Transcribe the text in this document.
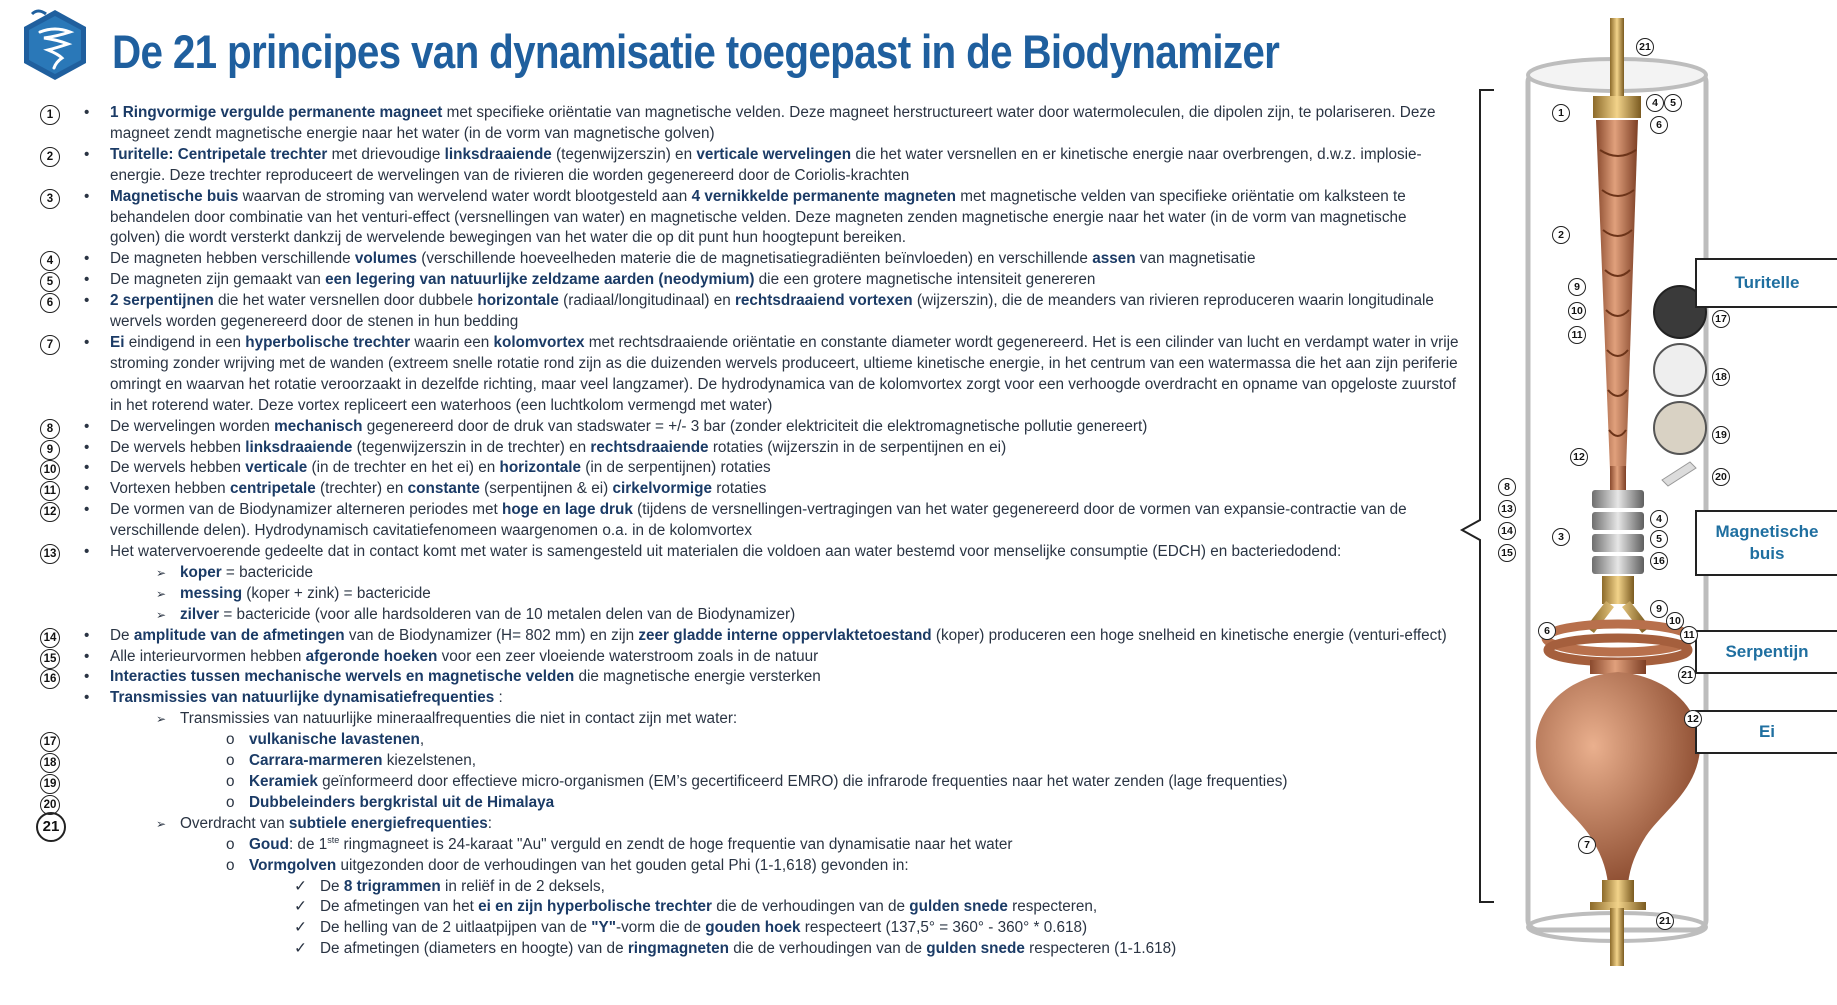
De 21 principes van dynamisatie toegepast in de Biodynamizer
1	• 1 Ringvormige vergulde permanente magneet met specifieke oriëntatie van magnetische velden. Deze magneet herstructureert water door watermoleculen, die dipolen zijn, te polariseren. Deze magneet zendt magnetische energie naar het water (in de vorm van magnetische golven)
2	• Turitelle: Centripetale trechter met drievoudige linksdraaiende (tegenwijzerszin) en verticale wervelingen die het water versnellen en er kinetische energie naar overbrengen, d.w.z. implosie-energie. Deze trechter reproduceert de wervelingen van de rivieren die worden gegenereerd door de Coriolis-krachten
3	• Magnetische buis waarvan de stroming van wervelend water wordt blootgesteld aan 4 vernikkelde permanente magneten met magnetische velden van specifieke oriëntatie om kalksteen te behandelen door combinatie van het venturi-effect (versnellingen van water) en magnetische velden. Deze magneten zenden magnetische energie naar het water (in de vorm van magnetische golven) die wordt versterkt dankzij de wervelende bewegingen van het water die op dit punt hun hoogtepunt bereiken.
4	• De magneten hebben verschillende volumes (verschillende hoeveelheden materie die de magnetisatiegradiënten beïnvloeden) en verschillende assen van magnetisatie
5	• De magneten zijn gemaakt van een legering van natuurlijke zeldzame aarden (neodymium) die een grotere magnetische intensiteit genereren
6	• 2 serpentijnen die het water versnellen door dubbele horizontale (radiaal/longitudinaal) en rechtsdraaiend vortexen (wijzerszin), die de meanders van rivieren reproduceren waarin longitudinale wervels worden gegenereerd door de stenen in hun bedding
7	• Ei eindigend in een hyperbolische trechter waarin een kolomvortex met rechtsdraaiende oriëntatie en constante diameter wordt gegenereerd. Het is een cilinder van lucht en verdampt water in vrije stroming zonder wrijving met de wanden (extreem snelle rotatie rond zijn as die duizenden wervels produceert, ultieme kinetische energie, in het centrum van een watermassa die het aan zijn periferie omringt en waarvan het rotatie veroorzaakt in dezelfde richting, maar veel langzamer). De hydrodynamica van de kolomvortex zorgt voor een verhoogde overdracht en opname van opgeloste zuurstof in het roterend water. Deze vortex repliceert een waterhoos (een luchtkolom vermengd met water)
8	• De wervelingen worden mechanisch gegenereerd door de druk van stadswater = +/- 3 bar (zonder elektriciteit die elektromagnetische pollutie genereert)
9	• De wervels hebben linksdraaiende (tegenwijzerszin in de trechter) en rechtsdraaiende rotaties (wijzerszin in de serpentijnen en ei)
10 • De wervels hebben verticale (in de trechter en het ei) en horizontale (in de serpentijnen) rotaties
11 • Vortexen hebben centripetale (trechter) en constante (serpentijnen & ei) cirkelvormige rotaties
12 • De vormen van de Biodynamizer alterneren periodes met hoge en lage druk (tijdens de versnellingen-vertragingen van het water gegenereerd door de vormen van expansie-contractie van de verschillende delen). Hydrodynamisch cavitatiefenomeen waargenomen o.a. in de kolomvortex
13 • Het watervervoerende gedeelte dat in contact komt met water is samengesteld uit materialen die voldoen aan water bestemd voor menselijke consumptie (EDCH) en bacteriedodend:
➢ koper = bactericide
➢ messing (koper + zink) = bactericide
➢ zilver = bactericide (voor alle hardsolderen van de 10 metalen delen van de Biodynamizer)
14 • De amplitude van de afmetingen van de Biodynamizer (H= 802 mm) en zijn zeer gladde interne oppervlaktetoestand (koper) produceren een hoge snelheid en kinetische energie (venturi-effect)
15 • Alle interieurvormen hebben afgeronde hoeken voor een zeer vloeiende waterstroom zoals in de natuur
16 • Interacties tussen mechanische wervels en magnetische velden die magnetische energie versterken
• Transmissies van natuurlijke dynamisatiefrequenties :
➢ Transmissies van natuurlijke mineraalfrequenties die niet in contact zijn met water:
17	o vulkanische lavastenen,
18	o Carrara-marmeren kiezelstenen,
19	o Keramiek geïnformeerd door effectieve micro-organismen (EM’s gecertificeerd EMRO) die infrarode frequenties naar het water zenden (lage frequenties)
20	o Dubbeleinders bergkristal uit de Himalaya
21	➢ Overdracht van subtiele energiefrequenties:
o Goud: de 1ste ringmagneet is 24-karaat "Au" verguld en zendt de hoge frequentie van dynamisatie naar het water
o Vormgolven uitgezonden door de verhoudingen van het gouden getal Phi (1-1,618) gevonden in:
✓ De 8 trigrammen in reliëf in de 2 deksels,
✓ De afmetingen van het ei en zijn hyperbolische trechter die de verhoudingen van de gulden snede respecteren,
✓ De helling van de 2 uitlaatpijpen van de "Y"-vorm die de gouden hoek respecteert (137,5° = 360° - 360° * 0.618)
✓ De afmetingen (diameters en hoogte) van de ringmagneten die de verhoudingen van de gulden snede respecteren (1-1.618)
Turitelle
Magnetische buis
Serpentijn
Ei
21
1
4	5
6
2
9
10
11
17
18
19
20
12
8
13
14
15
3
4
5
16
9
10
6	11
21
12
7
21
